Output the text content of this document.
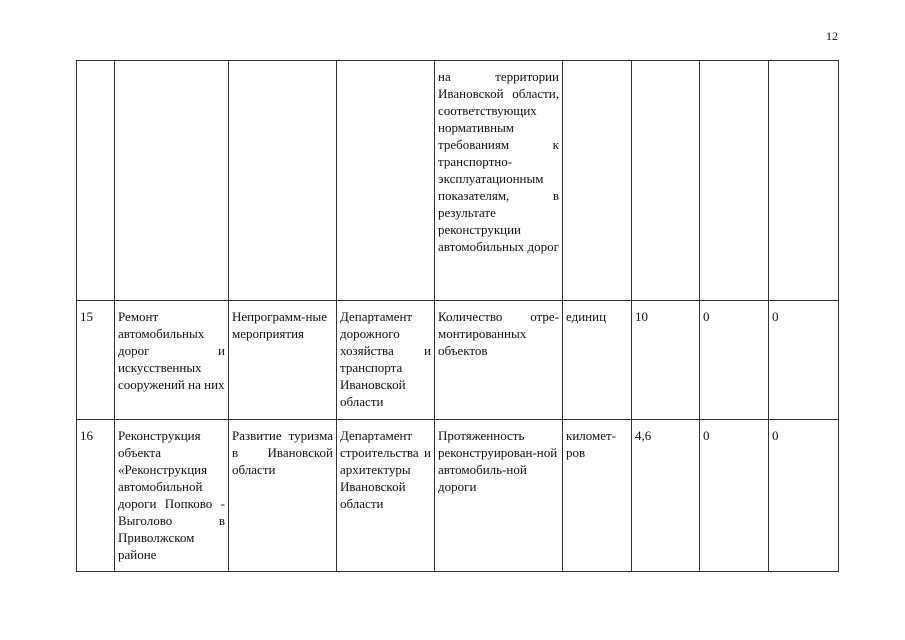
12
				на территории Ивановской области, соответствующих нормативным требованиям к транспортно-эксплуатационным показателям, в результате реконструкции автомобильных дорог				
15	Ремонт автомобильных дорог и искусственных сооружений на них	Непрограмм-ные мероприятия	Департамент дорожного хозяйства и транспорта Ивановской области	Количество отре-монтированных объектов	единиц	10	0	0
16	Реконструкция объекта «Реконструкция автомобильной дороги Попково - Выголово в Приволжском районе	Развитие туризма в Ивановской области	Департамент строительства и архитектуры Ивановской области	Протяженность реконструирован-ной автомобиль-ной дороги	километ-ров	4,6	0	0
